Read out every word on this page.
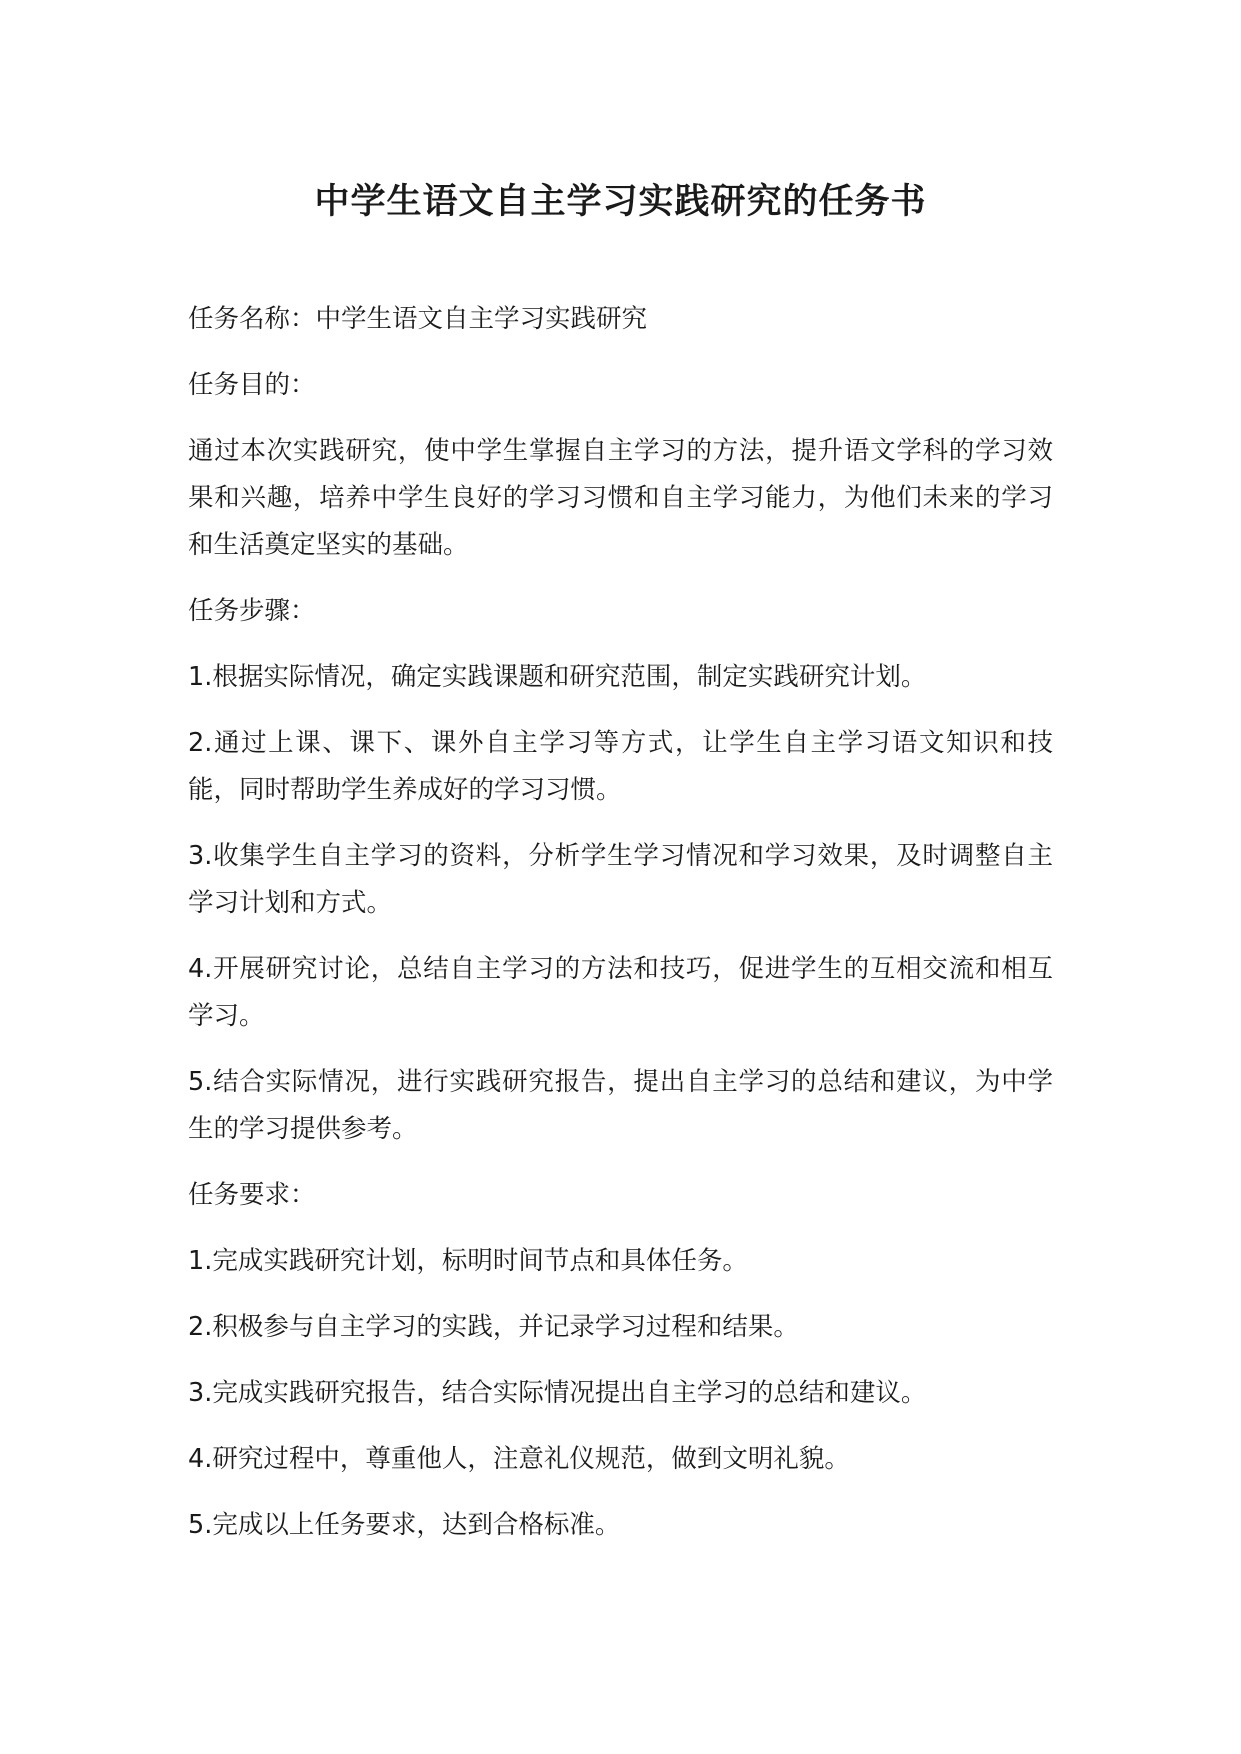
中学生语文自主学习实践研究的任务书

任务名称：中学生语文自主学习实践研究

任务目的：

通过本次实践研究，使中学生掌握自主学习的方法，提升语文学科的学习效果和兴趣，培养中学生良好的学习习惯和自主学习能力，为他们未来的学习和生活奠定坚实的基础。

任务步骤：

1.根据实际情况，确定实践课题和研究范围，制定实践研究计划。

2.通过上课、课下、课外自主学习等方式，让学生自主学习语文知识和技能，同时帮助学生养成好的学习习惯。

3.收集学生自主学习的资料，分析学生学习情况和学习效果，及时调整自主学习计划和方式。

4.开展研究讨论，总结自主学习的方法和技巧，促进学生的互相交流和相互学习。

5.结合实际情况，进行实践研究报告，提出自主学习的总结和建议，为中学生的学习提供参考。

任务要求：

1.完成实践研究计划，标明时间节点和具体任务。

2.积极参与自主学习的实践，并记录学习过程和结果。

3.完成实践研究报告，结合实际情况提出自主学习的总结和建议。

4.研究过程中，尊重他人，注意礼仪规范，做到文明礼貌。

5.完成以上任务要求，达到合格标准。
